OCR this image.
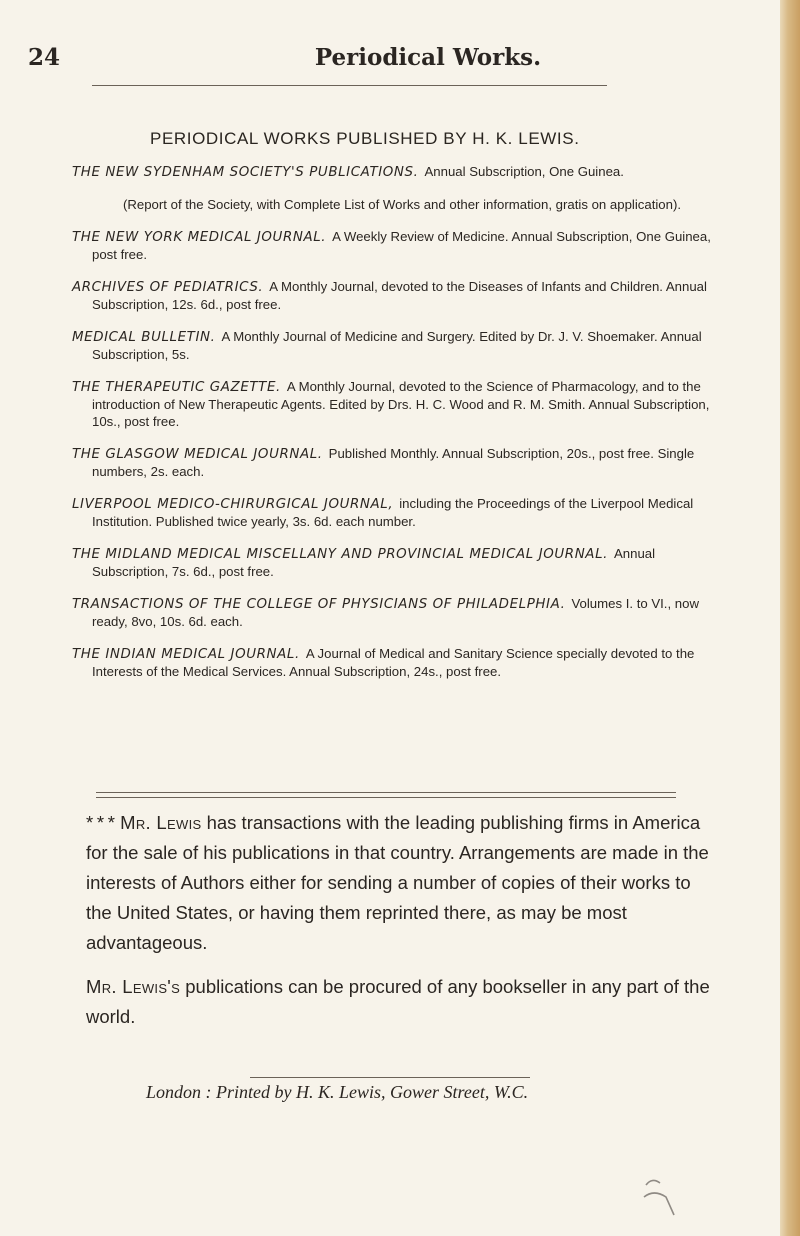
24	Periodical Works.
PERIODICAL WORKS PUBLISHED BY H. K. LEWIS.
THE NEW SYDENHAM SOCIETY'S PUBLICATIONS. Annual Subscription, One Guinea.
(Report of the Society, with Complete List of Works and other information, gratis on application).
THE NEW YORK MEDICAL JOURNAL. A Weekly Review of Medicine. Annual Subscription, One Guinea, post free.
ARCHIVES OF PEDIATRICS. A Monthly Journal, devoted to the Diseases of Infants and Children. Annual Subscription, 12s. 6d., post free.
MEDICAL BULLETIN. A Monthly Journal of Medicine and Surgery. Edited by Dr. J. V. Shoemaker. Annual Subscription, 5s.
THE THERAPEUTIC GAZETTE. A Monthly Journal, devoted to the Science of Pharmacology, and to the introduction of New Therapeutic Agents. Edited by Drs. H. C. Wood and R. M. Smith. Annual Subscription, 10s., post free.
THE GLASGOW MEDICAL JOURNAL. Published Monthly. Annual Subscription, 20s., post free. Single numbers, 2s. each.
LIVERPOOL MEDICO-CHIRURGICAL JOURNAL, including the Proceedings of the Liverpool Medical Institution. Published twice yearly, 3s. 6d. each number.
THE MIDLAND MEDICAL MISCELLANY AND PROVINCIAL MEDICAL JOURNAL. Annual Subscription, 7s. 6d., post free.
TRANSACTIONS OF THE COLLEGE OF PHYSICIANS OF PHILADELPHIA. Volumes I. to VI., now ready, 8vo, 10s. 6d. each.
THE INDIAN MEDICAL JOURNAL. A Journal of Medical and Sanitary Science specially devoted to the Interests of the Medical Services. Annual Subscription, 24s., post free.

* * * Mr. Lewis has transactions with the leading publishing firms in America for the sale of his publications in that country. Arrangements are made in the interests of Authors either for sending a number of copies of their works to the United States, or having them reprinted there, as may be most advantageous.

Mr. Lewis's publications can be procured of any bookseller in any part of the world.

London : Printed by H. K. Lewis, Gower Street, W.C.
